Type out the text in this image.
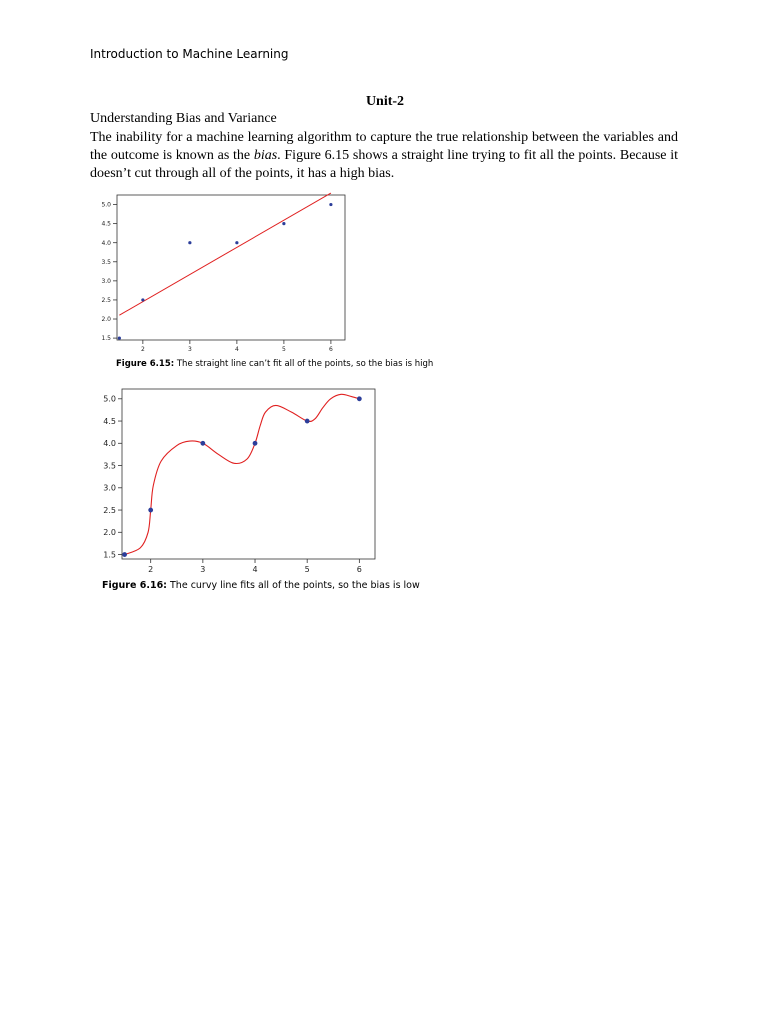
Introduction to Machine Learning
Unit-2
Understanding Bias and Variance

The inability for a machine learning algorithm to capture the true relationship between the variables and the outcome is known as the bias. Figure 6.15 shows a straight line trying to fit all the points. Because it doesn’t cut through all of the points, it has a high bias.

1.5
2.0
2.5
3.0
3.5
4.0
4.5
5.0
2	3	4	5	6
Figure 6.15: The straight line can’t fit all of the points, so the bias is high
1.5
2.0
2.5
3.0
3.5
4.0
4.5
5.0
2	3	4	5	6
Figure 6.16: The curvy line fits all of the points, so the bias is low
